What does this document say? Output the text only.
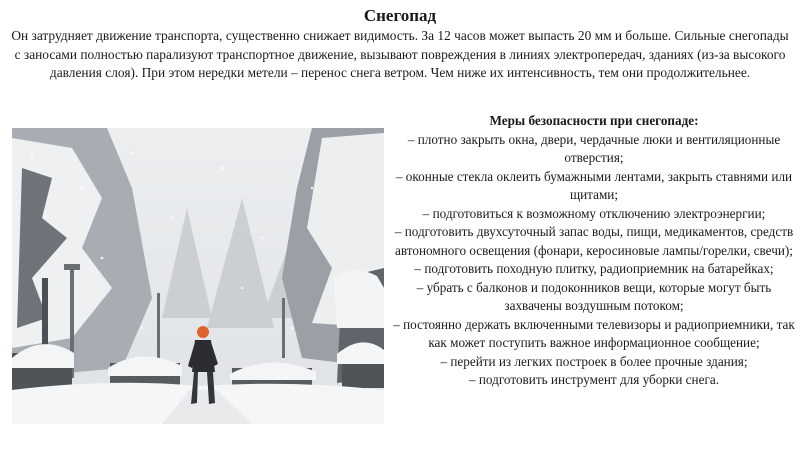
Снегопад
Он затрудняет движение транспорта, существенно снижает видимость. За 12 часов может выпасть 20 мм и больше. Сильные снегопады с заносами полностью парализуют транспортное движение, вызывают повреждения в линиях электропередач, зданиях (из-за высокого давления слоя). При этом нередки метели – перенос снега ветром. Чем ниже их интенсивность, тем они продолжительнее.
Меры безопасности при снегопаде:
– плотно закрыть окна, двери, чердачные люки и вентиляционные отверстия;
– оконные стекла оклеить бумажными лентами, закрыть ставнями или щитами;
– подготовиться к возможному отключению электроэнергии;
– подготовить двухсуточный запас воды, пищи, медикаментов, средств автономного освещения (фонари, керосиновые лампы/горелки, свечи);
– подготовить походную плитку, радиоприемник на батарейках;
– убрать с балконов и подоконников вещи, которые могут быть захвачены воздушным потоком;
– постоянно держать включенными телевизоры и радиоприемники, так как может поступить важное информационное сообщение;
– перейти из легких построек в более прочные здания;
– подготовить инструмент для уборки снега.
